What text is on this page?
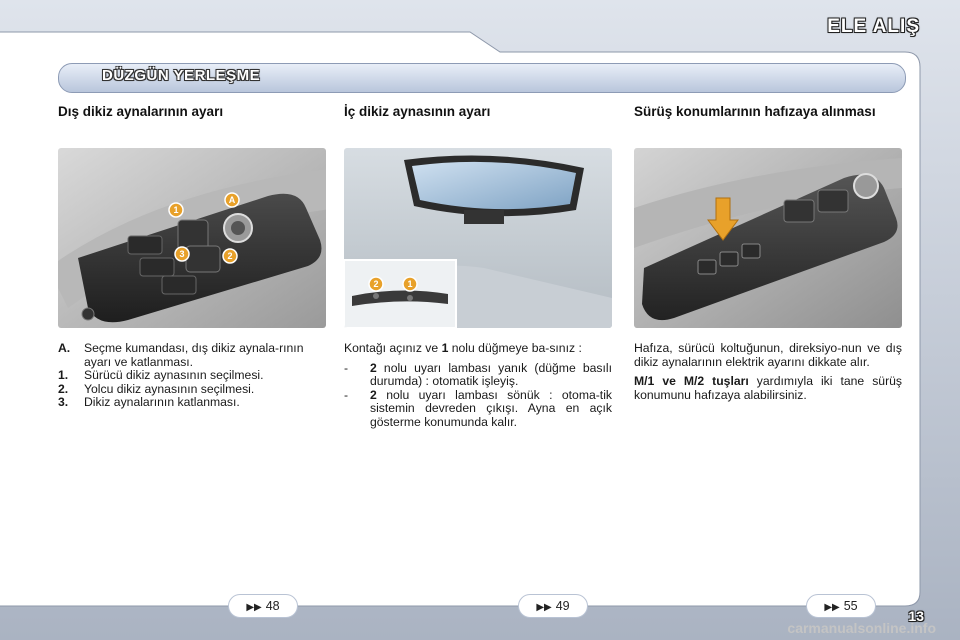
ELE ALIŞ
DÜZGÜN YERLEŞME
Dış dikiz aynalarının ayarı	İç dikiz aynasının ayarı	Sürüş konumlarının hafızaya alınması
A
1
3	2
2	1
A.	Seçme kumandası, dış dikiz aynala-rının ayarı ve katlanması.
1.	Sürücü dikiz aynasının seçilmesi.
2.	Yolcu dikiz aynasının seçilmesi.
3.	Dikiz aynalarının katlanması.

Kontağı açınız ve 1 nolu düğmeye ba-sınız :

-	2 nolu uyarı lambası yanık (düğme basılı durumda) : otomatik işleyiş.
-	2 nolu uyarı lambası sönük : otoma-tik sistemin devreden çıkışı. Ayna en açık gösterme konumunda kalır.

Hafıza, sürücü koltuğunun, direksiyo-nun ve dış dikiz aynalarının elektrik ayarını dikkate alır.

M/1 ve M/2 tuşları yardımıyla iki tane sürüş konumunu hafızaya alabilirsiniz.

▶▶ 48	▶▶ 49	▶▶ 55
13
carmanualsonline.info
